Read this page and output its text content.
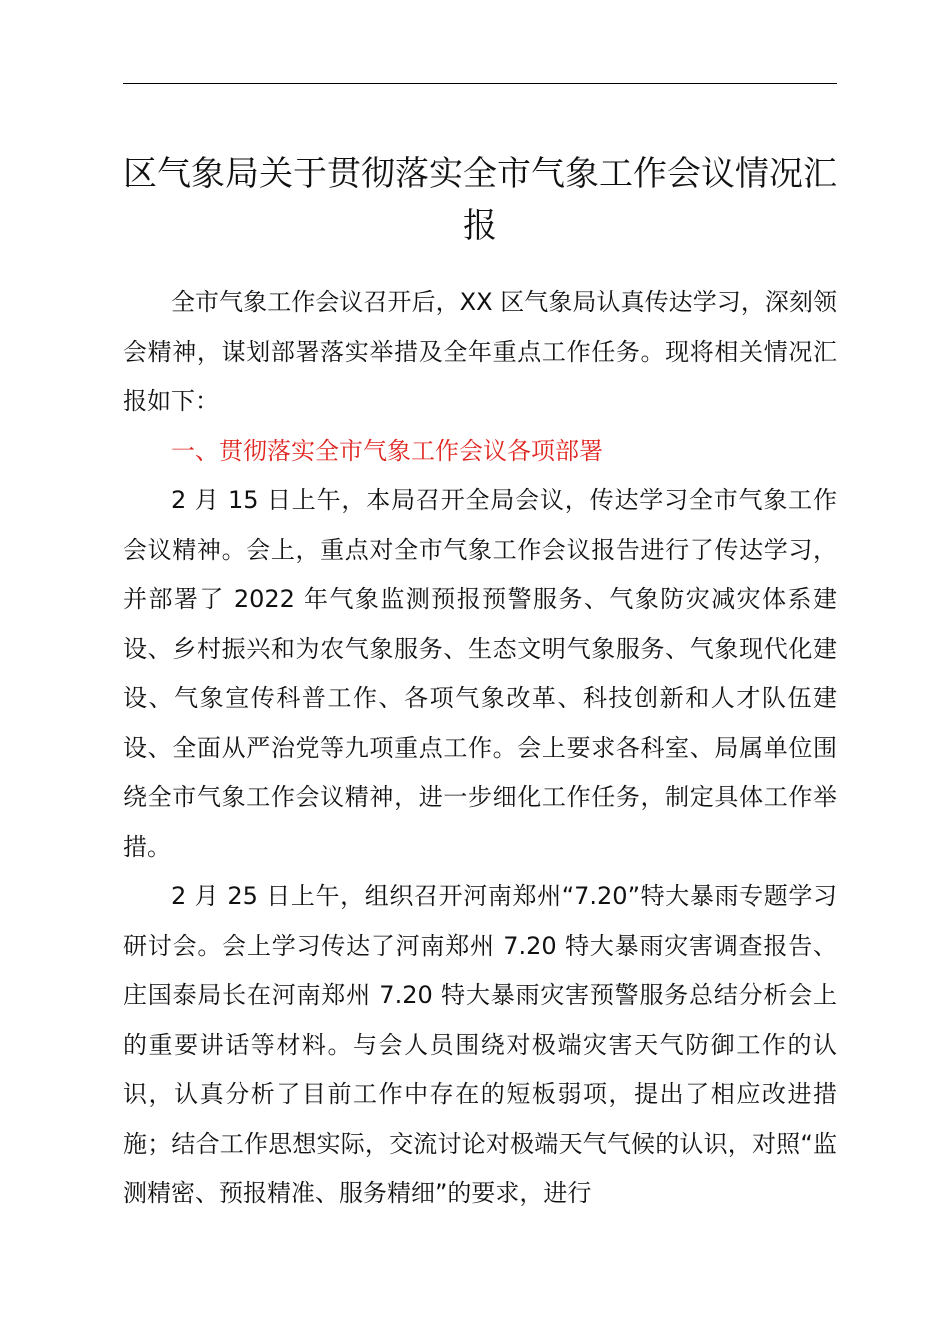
区气象局关于贯彻落实全市气象工作会议情况汇报

全市气象工作会议召开后，XX 区气象局认真传达学习，深刻领会精神，谋划部署落实举措及全年重点工作任务。现将相关情况汇报如下：

一、贯彻落实全市气象工作会议各项部署

2 月 15 日上午，本局召开全局会议，传达学习全市气象工作会议精神。会上，重点对全市气象工作会议报告进行了传达学习，并部署了 2022 年气象监测预报预警服务、气象防灾减灾体系建设、乡村振兴和为农气象服务、生态文明气象服务、气象现代化建设、气象宣传科普工作、各项气象改革、科技创新和人才队伍建设、全面从严治党等九项重点工作。会上要求各科室、局属单位围绕全市气象工作会议精神，进一步细化工作任务，制定具体工作举措。

2 月 25 日上午，组织召开河南郑州“7.20”特大暴雨专题学习研讨会。会上学习传达了河南郑州 7.20 特大暴雨灾害调查报告、庄国泰局长在河南郑州 7.20 特大暴雨灾害预警服务总结分析会上的重要讲话等材料。与会人员围绕对极端灾害天气防御工作的认识，认真分析了目前工作中存在的短板弱项，提出了相应改进措施；结合工作思想实际，交流讨论对极端天气气候的认识，对照“监测精密、预报精准、服务精细”的要求，进行
